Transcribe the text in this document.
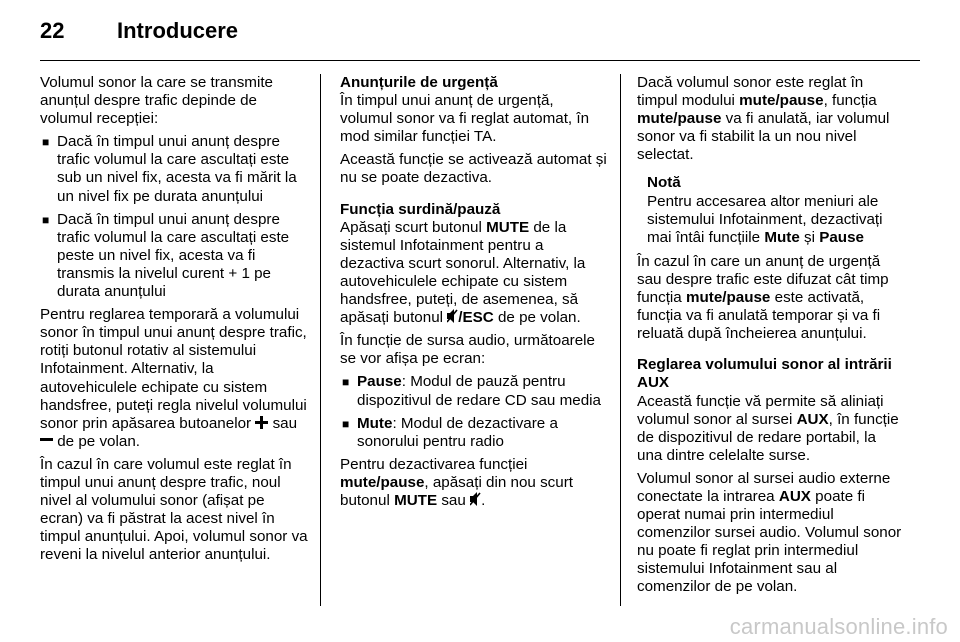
22 Introducere

Volumul sonor la care se transmite anunțul despre trafic depinde de volumul recepției:

■ Dacă în timpul unui anunț despre trafic volumul la care ascultați este sub un nivel fix, acesta va fi mărit la un nivel fix pe durata anunțului
■ Dacă în timpul unui anunț despre trafic volumul la care ascultați este peste un nivel fix, acesta va fi transmis la nivelul curent + 1 pe durata anunțului

Pentru reglarea temporară a volumului sonor în timpul unui anunț despre trafic, rotiți butonul rotativ al sistemului Infotainment. Alternativ, la autovehiculele echipate cu sistem handsfree, puteți regla nivelul volumului sonor prin apăsarea butoanelor sau  de pe volan.

În cazul în care volumul este reglat în timpul unui anunț despre trafic, noul nivel al volumului sonor (afișat pe ecran) va fi păstrat la acest nivel în timpul anunțului. Apoi, volumul sonor va reveni la nivelul anterior anunțului.

Anunțurile de urgență

În timpul unui anunț de urgență, volumul sonor va fi reglat automat, în mod similar funcției TA.

Această funcție se activează automat și nu se poate dezactiva.

Funcția surdină/pauză

Apăsați scurt butonul MUTE de la sistemul Infotainment pentru a dezactiva scurt sonorul. Alternativ, la autovehiculele echipate cu sistem handsfree, puteți, de asemenea, să apăsați butonul /ESC de pe volan.

În funcție de sursa audio, următoarele se vor afișa pe ecran:

■ Pause: Modul de pauză pentru dispozitivul de redare CD sau media
■ Mute: Modul de dezactivare a sonorului pentru radio

Pentru dezactivarea funcției mute/pause, apăsați din nou scurt butonul MUTE sau .

Dacă volumul sonor este reglat în timpul modului mute/pause, funcția mute/pause va fi anulată, iar volumul sonor va fi stabilit la un nou nivel selectat.

Notă
Pentru accesarea altor meniuri ale sistemului Infotainment, dezactivați mai întâi funcțiile Mute și Pause

În cazul în care un anunț de urgență sau despre trafic este difuzat cât timp funcția mute/pause este activată, funcția va fi anulată temporar și va fi reluată după încheierea anunțului.

Reglarea volumului sonor al intrării AUX

Această funcție vă permite să aliniați volumul sonor al sursei AUX, în funcție de dispozitivul de redare portabil, la una dintre celelalte surse.

Volumul sonor al sursei audio externe conectate la intrarea AUX poate fi operat numai prin intermediul comenzilor sursei audio. Volumul sonor nu poate fi reglat prin intermediul sistemului Infotainment sau al comenzilor de pe volan.

carmanualsonline.info
